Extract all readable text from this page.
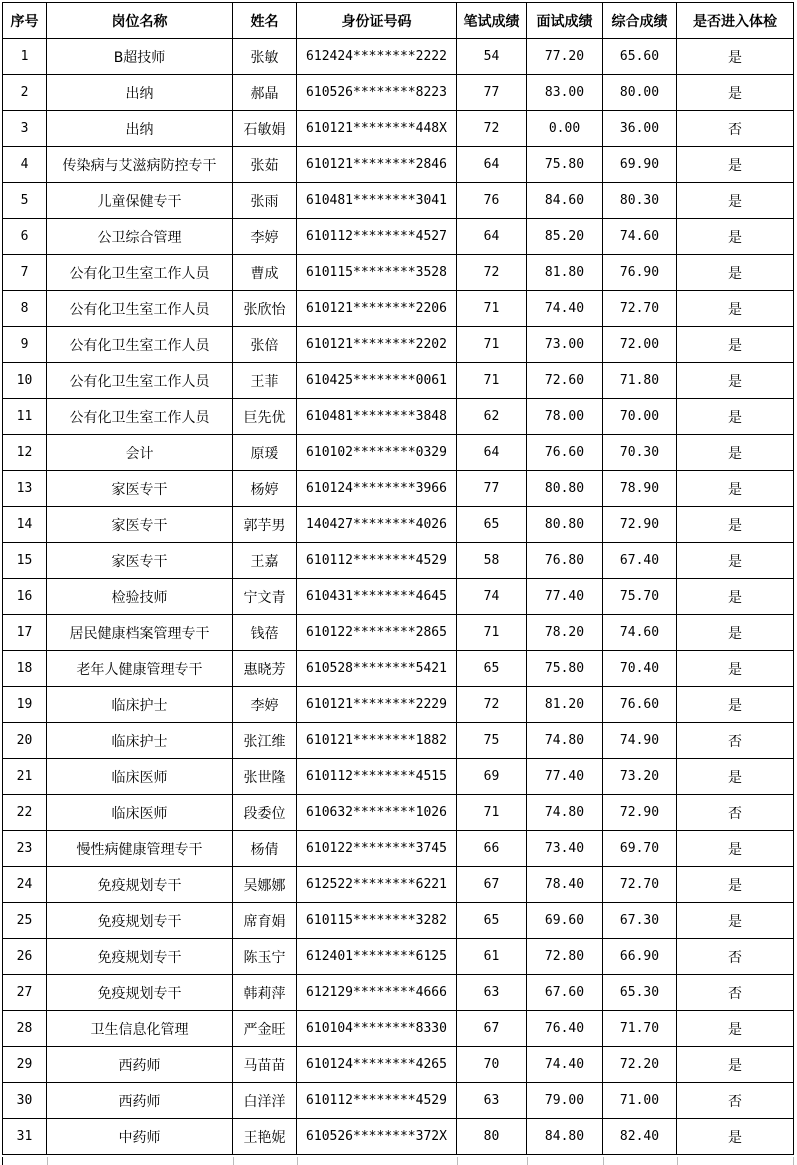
序号	岗位名称	姓名	身份证号码	笔试成绩	面试成绩	综合成绩	是否进入体检
1	B超技师	张敏	612424********2222	54	77.20	65.60	是
2	出纳	郝晶	610526********8223	77	83.00	80.00	是
3	出纳	石敏娟	610121********448X	72	0.00	36.00	否
4	传染病与艾滋病防控专干	张茹	610121********2846	64	75.80	69.90	是
5	儿童保健专干	张雨	610481********3041	76	84.60	80.30	是
6	公卫综合管理	李婷	610112********4527	64	85.20	74.60	是
7	公有化卫生室工作人员	曹成	610115********3528	72	81.80	76.90	是
8	公有化卫生室工作人员	张欣怡	610121********2206	71	74.40	72.70	是
9	公有化卫生室工作人员	张倍	610121********2202	71	73.00	72.00	是
10	公有化卫生室工作人员	王菲	610425********0061	71	72.60	71.80	是
11	公有化卫生室工作人员	巨先优	610481********3848	62	78.00	70.00	是
12	会计	原瑗	610102********0329	64	76.60	70.30	是
13	家医专干	杨婷	610124********3966	77	80.80	78.90	是
14	家医专干	郭芋男	140427********4026	65	80.80	72.90	是
15	家医专干	王嘉	610112********4529	58	76.80	67.40	是
16	检验技师	宁文青	610431********4645	74	77.40	75.70	是
17	居民健康档案管理专干	钱蓓	610122********2865	71	78.20	74.60	是
18	老年人健康管理专干	惠晓芳	610528********5421	65	75.80	70.40	是
19	临床护士	李婷	610121********2229	72	81.20	76.60	是
20	临床护士	张江维	610121********1882	75	74.80	74.90	否
21	临床医师	张世隆	610112********4515	69	77.40	73.20	是
22	临床医师	段委位	610632********1026	71	74.80	72.90	否
23	慢性病健康管理专干	杨倩	610122********3745	66	73.40	69.70	是
24	免疫规划专干	吴娜娜	612522********6221	67	78.40	72.70	是
25	免疫规划专干	席育娟	610115********3282	65	69.60	67.30	是
26	免疫规划专干	陈玉宁	612401********6125	61	72.80	66.90	否
27	免疫规划专干	韩莉萍	612129********4666	63	67.60	65.30	否
28	卫生信息化管理	严金旺	610104********8330	67	76.40	71.70	是
29	西药师	马苗苗	610124********4265	70	74.40	72.20	是
30	西药师	白洋洋	610112********4529	63	79.00	71.00	否
31	中药师	王艳妮	610526********372X	80	84.80	82.40	是
